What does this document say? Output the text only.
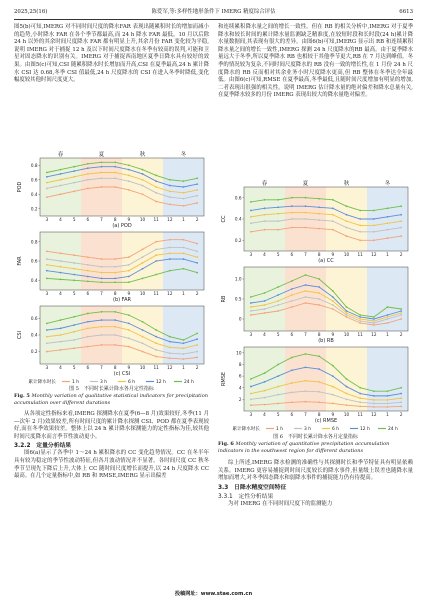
2025,25(16)	陈爱军,等:多样性地形条件下 IMERG 精度综合评估	6613

图5(b)可知,IMERG 对不同时间尺度的降水FAR 表现出随累积时长的增加而减小的趋势,小时降水 FAR 在各个季节都最高,而 24 h 降水 FAR 最低。10 月以后除 24 h 以外的其余时间尺度降水 FAR 都有明显上升,其余月份 FAR 变化较为平稳,说明 IMERG 对于捕捉 12 h 及以下时间尺度降水在冬季有较高的误判,可能和卫星对固态降水的识别有关。IMERG 对于捕捉西南地区夏季日降水具有较好的效果。由图5(c)可知,CSI 随累积降水时长增加而升高,CSI 在夏季最高,24 h 累计降水 CSI 达 0.68,冬季 CSI 值最低,24 h 尺度降水的 CSI 在进入冬季时降低,变化幅度较其他时间尺度更大。

春	夏	秋	冬
0.2
0.4
0.6
0.8
POD
3	4	5	6	7	8	9 10 11 12 1	2
(a) POD
0.4
0.6
0.8
FAR
3	4	5	6	7	8	9 10 11 12 1	2
(b) FAR
0.2
0.4
0.6
CSI
3	4	5	6	7	8	9 10 11 12 1	2
(c) CSI
累计降水时长	1 h	3 h	6 h	12 h	24 h
图 5　不同时长累计降水各月定性指标
Fig. 5 Monthly variation of qualitative statistical indicators for precipitation accumulation over different durations

从各项定性指标来看,IMERG 探测降水在夏季(6—8 月)效果较好,冬季(11 月—次年 2 月)效果较差,所有时间尺度的累计降水探测 CSI、POD 都在夏季表现较好,而在冬季效果较差。整体上以 24 h 累计降水探测能力的定性指标为佳,较其他时间尺度降水而言季节性波动更小。

3.2.2　定量分析结果

图6(a)显示了各季中 1～24 h 累积降水的 CC 变化趋势情况。CC 在冬半年具有较为稳定的季节性波动特征,但各月波动情况并不显著。各时间尺度 CC 秋冬季节呈现先下降后上升,大体上 CC 随时间尺度增长而提升,以 24 h 尺度降水 CC 最高。在几个定量指标中,如 RB 和 RMSE,IMERG 显示出偏差

和连续累积降水量之间的增长一致性。但在 RB 的相关分析中,IMERG 对于夏季降水和较长时间的累计降水量监测缺乏精准度,在较短时段和长时段(24 h)累计降水量数据间,其表现有很大的差异。由图6(b)可知,IMERG 显示出 RB 和连续累积降水量之间的增长一致性,IMERG 探测 24 h 尺度降水的RB 最高。由于夏季降水量远大于冬季,所以夏季降水 RB 也相较于其他季节更大,RB 在 7 月达到峰值。冬季的情况较为复杂,不同时间尺度降水的 RB 没有一致的增长性,在 1 月份 24 h 尺度降水的 RB 反而相对其余业务小时尺度降水更高,但 RB 整体在冬季达全年最低。由图6(c)可知,RMSE 在夏季最高,冬季最低,且随时间尺度增加有明显的增加,二者表现出很强的相关性。说明 IMERG 估计降水量的绝对偏差和降水总量有关,在夏季降水较多的月份 IMERG 表现出较大的降水量绝对偏差。

春	夏	秋	冬
0.2
0.4
0.6
CC
3	4	5	6	7	8	9 10 11 12 1	2
(a) CC
0
0.5
1.0
RB
3	4	5	6	7	8	9 10 11 12 1	2
(b) RB
2
4
6
8
10
RMSE
3	4	5	6	7	8	9 10 11 12 1	2
(c) RMSE
累计降水时长	1 h	3 h	6 h	12 h	24 h
图 6　不同时长累计降水各月定量指标
Fig. 6 Monthly variation of quantitative precipitation accumulation indicators in the southwest region for different durations

综上所述,IMERG 降水检测的准确性与其探测时长和季节特征具有明显依赖关系。IMERG 更容易捕捉到时间尺度较长的降水事件,但量级上误差也随降水量增加而增大,对冬季固态降水和弱降水事件的捕捉能力仍有待提高。

3.3　日降水精度空间特征
3.3.1　定性分析结果

为对 IMERG 在不同时间尺度下的监测能力

投稿网址：www.stae.com.cn
